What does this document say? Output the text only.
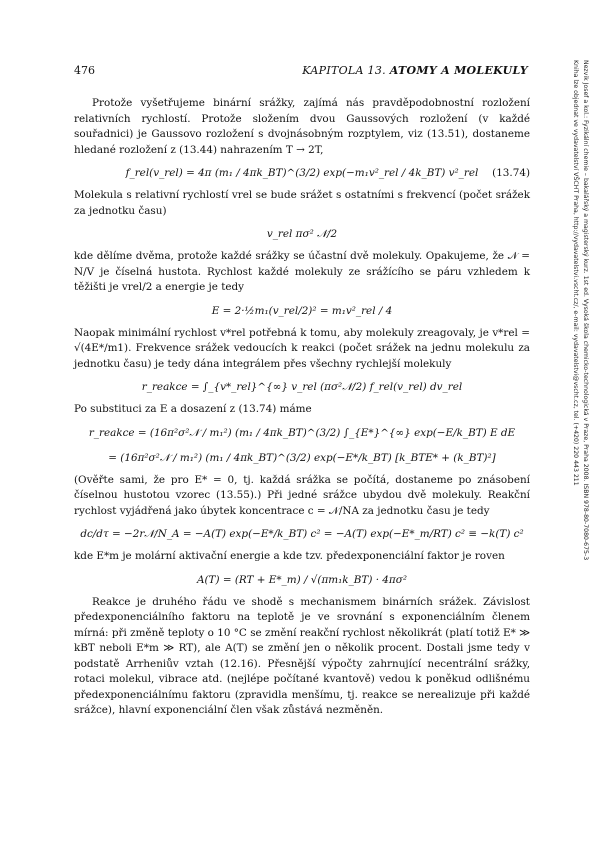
476	KAPITOLA 13. ATOMY A MOLEKULY

Protože vyšetřujeme binární srážky, zajímá nás pravděpodobnostní rozložení relativních rychlostí. Protože složením dvou Gaussových rozložení (v každé souřadnici) je Gaussovo rozložení s dvojnásobným rozptylem, viz (13.51), dostaneme hledané rozložení z (13.44) nahrazením T → 2T,

f_rel(v_rel) = 4π (m₁ / 4πk_BT)^(3/2) exp(−m₁v²_rel / 4k_BT) v²_rel (13.74)

Molekula s relativní rychlostí vrel se bude srážet s ostatními s frekvencí (počet srážek za jednotku času)

v_rel πσ² 𝒩/2

kde dělíme dvěma, protože každé srážky se účastní dvě molekuly. Opakujeme, že 𝒩 = N/V je číselná hustota. Rychlost každé molekuly ze srážícího se páru vzhledem k těžišti je vrel/2 a energie je tedy

E = 2·½m₁(v_rel/2)² = m₁v²_rel / 4

Naopak minimální rychlost v*rel potřebná k tomu, aby molekuly zreagovaly, je v*rel = √(4E*/m1). Frekvence srážek vedoucích k reakci (počet srážek na jednu molekulu za jednotku času) je tedy dána integrálem přes všechny rychlejší molekuly

r_reakce = ∫_{v*_rel}^{∞} v_rel (πσ²𝒩/2) f_rel(v_rel) dv_rel

Po substituci za E a dosazení z (13.74) máme

r_reakce = (16π²σ²𝒩 / m₁²) (m₁ / 4πk_BT)^(3/2) ∫_{E*}^{∞} exp(−E/k_BT) E dE
= (16π²σ²𝒩 / m₁²) (m₁ / 4πk_BT)^(3/2) exp(−E*/k_BT) [k_BTE* + (k_BT)²]

(Ověřte sami, že pro E* = 0, tj. každá srážka se počítá, dostaneme po znásobení číselnou hustotou vzorec (13.55).) Při jedné srážce ubydou dvě molekuly. Reakční rychlost vyjádřená jako úbytek koncentrace c = 𝒩/NA za jednotku času je tedy

dc/dτ = −2r𝒩/N_A = −A(T) exp(−E*/k_BT) c² = −A(T) exp(−E*_m/RT) c² ≡ −k(T) c²

kde E*m je molární aktivační energie a kde tzv. předexponenciální faktor je roven

A(T) = (RT + E*_m) / √(πm₁k_BT) · 4πσ²

Reakce je druhého řádu ve shodě s mechanismem binárních srážek. Závislost předexponenciálního faktoru na teplotě je ve srovnání s exponenciálním členem mírná: při změně teploty o 10 °C se změní reakční rychlost několikrát (platí totiž E* ≫ kBT neboli E*m ≫ RT), ale A(T) se změní jen o několik procent. Dostali jsme tedy v podstatě Arrheniův vztah (12.16). Přesnější výpočty zahrnující necentrální srážky, rotaci molekul, vibrace atd. (nejlépe počítané kvantově) vedou k poněkud odlišnému předexponenciálnímu faktoru (zpravidla menšímu, tj. reakce se nerealizuje při každé srážce), hlavní exponenciální člen však zůstává nezměněn.

Nezvik Josef a kol.: Fyzikální chemie – bakalářský a magisterský kurz. 1st ed. Vysoká škola chemicko-technologická v Praze, Praha 2008. ISBN 978-80-7080-675-3
Kniha lze objednat ve vydavatelství VŠCHT Praha, http://vydavatelstvi.vscht.cz/, e-mail: vydavatelstvi@vscht.cz, tel. (+420) 220 443 211
